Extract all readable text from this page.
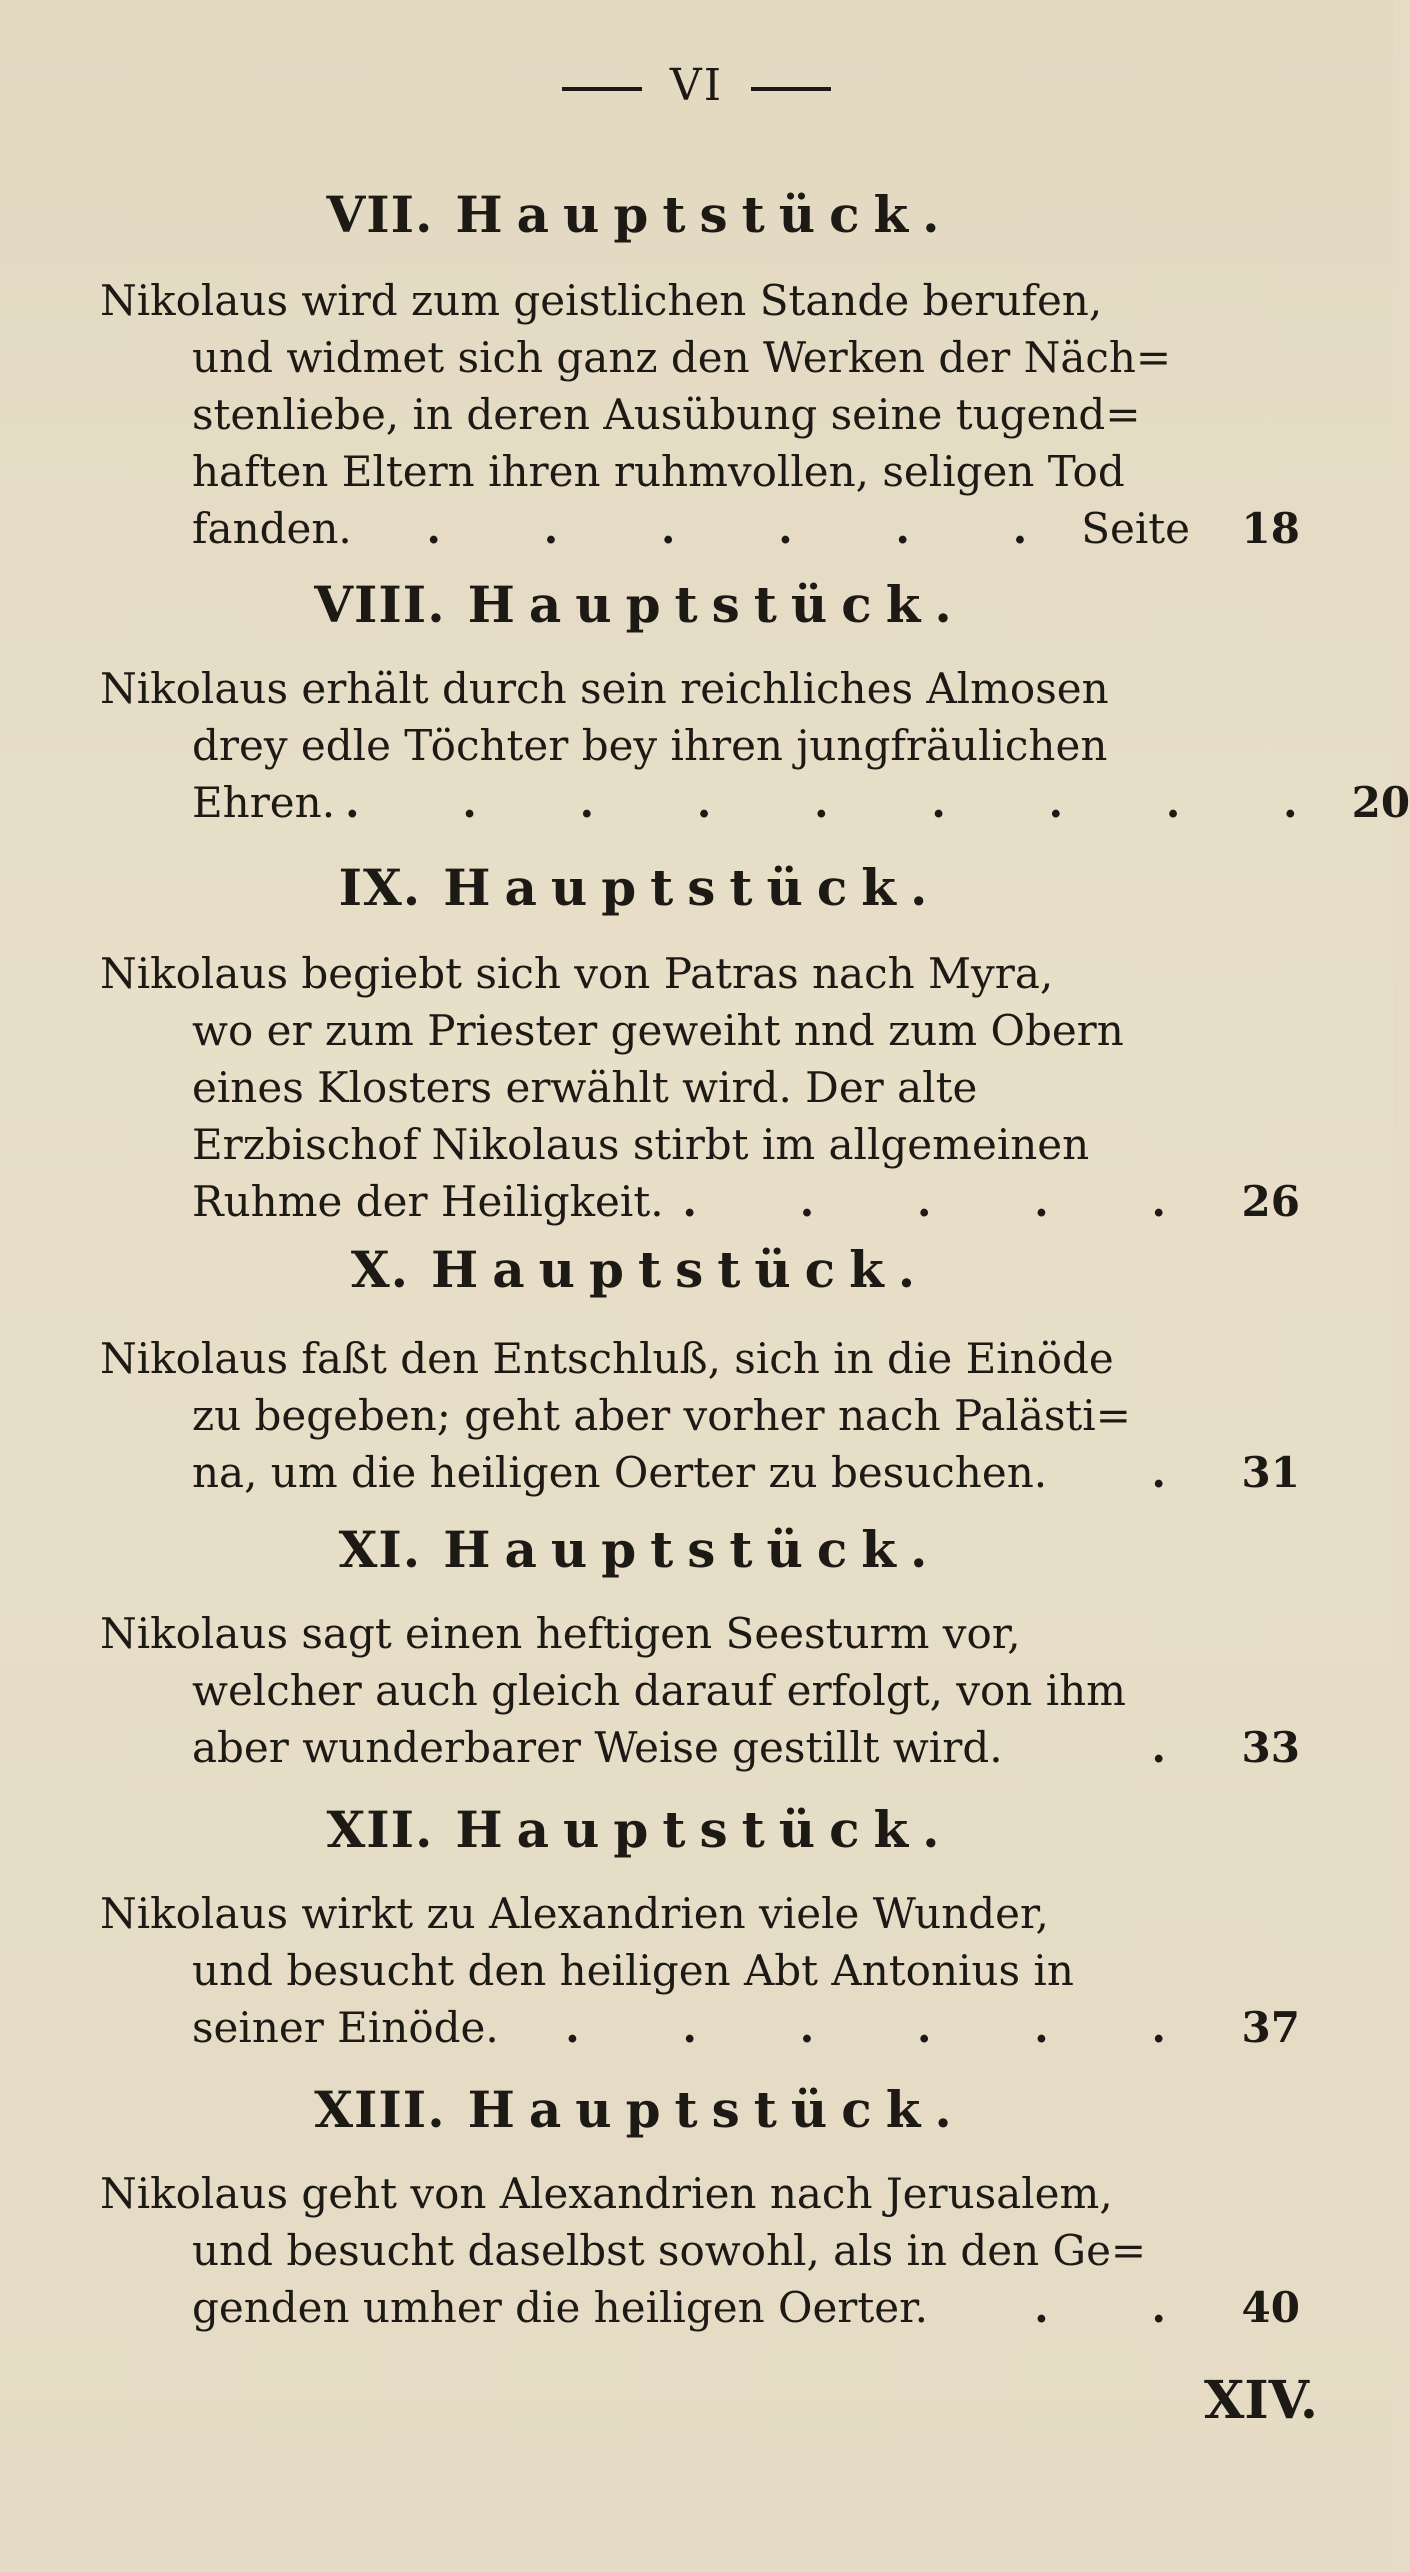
VI
VII. Hauptstück.
Nikolaus wird zum geistlichen Stande berufen,
und widmet sich ganz den Werken der Näch=
stenliebe, in deren Ausübung seine tugend=
haften Eltern ihren ruhmvollen, seligen Tod
fanden.	. . . . . . Seite	18
VIII. Hauptstück.
Nikolaus erhält durch sein reichliches Almosen
drey edle Töchter bey ihren jungfräulichen
Ehren. . . . . . . . . . 20
IX. Hauptstück.
Nikolaus begiebt sich von Patras nach Myra,
wo er zum Priester geweiht nnd zum Obern
eines Klosters erwählt wird. Der alte
Erzbischof Nikolaus stirbt im allgemeinen
Ruhme der Heiligkeit. . . . . . 26
X. Hauptstück.
Nikolaus faßt den Entschluß, sich in die Einöde
zu begeben; geht aber vorher nach Palästi=
na, um die heiligen Oerter zu besuchen.	. 31
XI. Hauptstück.
Nikolaus sagt einen heftigen Seesturm vor,
welcher auch gleich darauf erfolgt, von ihm
aber wunderbarer Weise gestillt wird.	. 33
XII. Hauptstück.
Nikolaus wirkt zu Alexandrien viele Wunder,
und besucht den heiligen Abt Antonius in
seiner Einöde.	. . . . . . 37
XIII. Hauptstück.
Nikolaus geht von Alexandrien nach Jerusalem,
und besucht daselbst sowohl, als in den Ge=
genden umher die heiligen Oerter.	. . 40
XIV.
